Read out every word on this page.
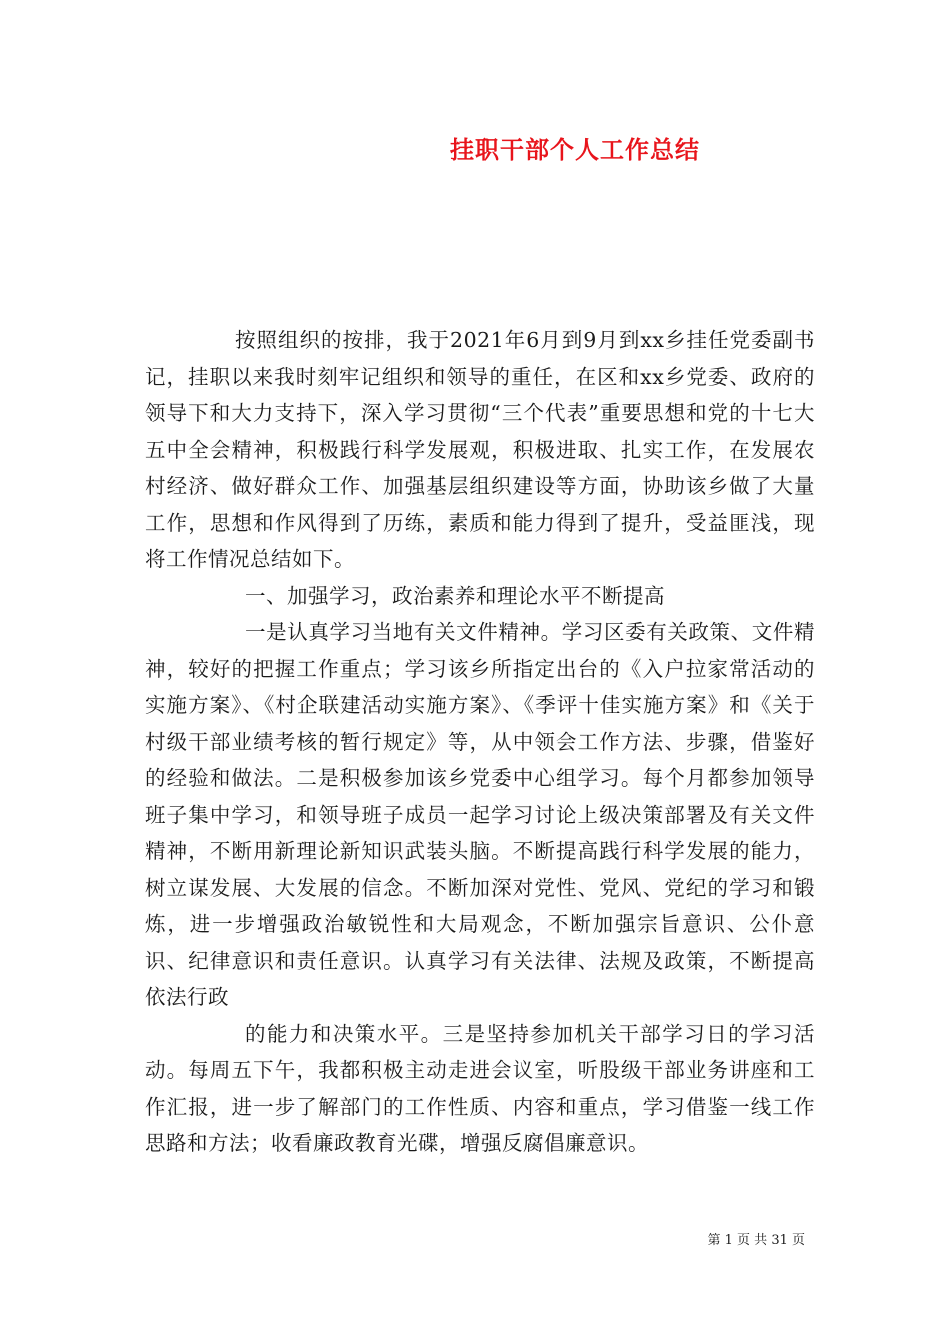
挂职干部个人工作总结

按照组织的按排，我于2021年6月到9月到xx乡挂任党委副书记，挂职以来我时刻牢记组织和领导的重任，在区和xx乡党委、政府的领导下和大力支持下，深入学习贯彻“三个代表”重要思想和党的十七大五中全会精神，积极践行科学发展观，积极进取、扎实工作，在发展农村经济、做好群众工作、加强基层组织建设等方面，协助该乡做了大量工作，思想和作风得到了历练，素质和能力得到了提升，受益匪浅，现将工作情况总结如下。

一、加强学习，政治素养和理论水平不断提高

一是认真学习当地有关文件精神。学习区委有关政策、文件精神，较好的把握工作重点；学习该乡所指定出台的《入户拉家常活动的实施方案》、《村企联建活动实施方案》、《季评十佳实施方案》和《关于村级干部业绩考核的暂行规定》等，从中领会工作方法、步骤，借鉴好的经验和做法。二是积极参加该乡党委中心组学习。每个月都参加领导班子集中学习，和领导班子成员一起学习讨论上级决策部署及有关文件精神，不断用新理论新知识武装头脑。不断提高践行科学发展的能力，树立谋发展、大发展的信念。不断加深对党性、党风、党纪的学习和锻炼，进一步增强政治敏锐性和大局观念，不断加强宗旨意识、公仆意识、纪律意识和责任意识。认真学习有关法律、法规及政策，不断提高依法行政

的能力和决策水平。三是坚持参加机关干部学习日的学习活动。每周五下午，我都积极主动走进会议室，听股级干部业务讲座和工作汇报，进一步了解部门的工作性质、内容和重点，学习借鉴一线工作思路和方法；收看廉政教育光碟，增强反腐倡廉意识。

第 1 页 共 31 页
